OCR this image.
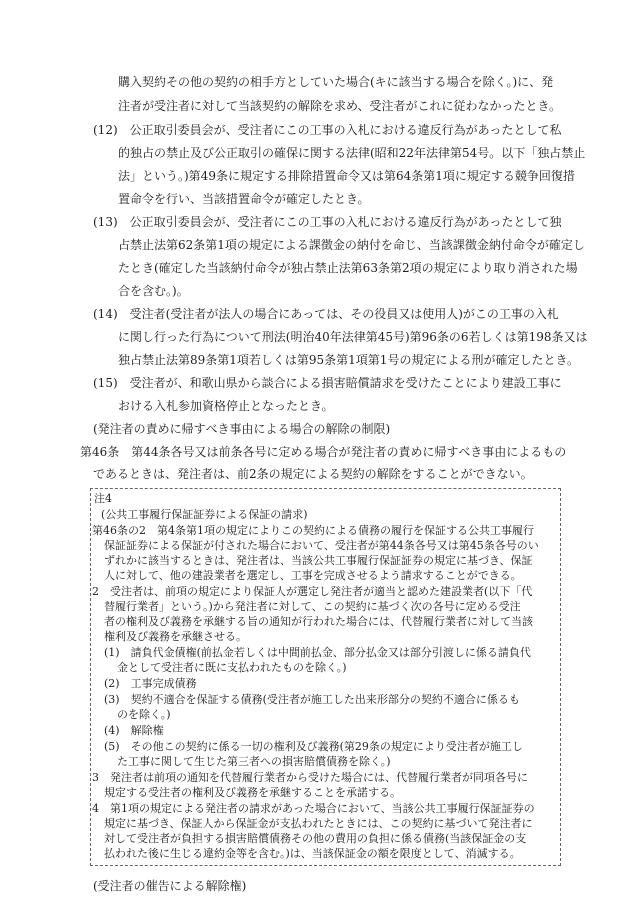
購入契約その他の契約の相手方としていた場合(キに該当する場合を除く。)に、発
注者が受注者に対して当該契約の解除を求め、受注者がこれに従わなかったとき。
(12)　公正取引委員会が、受注者にこの工事の入札における違反行為があったとして私
的独占の禁止及び公正取引の確保に関する法律(昭和22年法律第54号。以下「独占禁止
法」という。)第49条に規定する排除措置命令又は第64条第1項に規定する競争回復措
置命令を行い、当該措置命令が確定したとき。
(13)　公正取引委員会が、受注者にこの工事の入札における違反行為があったとして独
占禁止法第62条第1項の規定による課徴金の納付を命じ、当該課徴金納付命令が確定し
たとき(確定した当該納付命令が独占禁止法第63条第2項の規定により取り消された場
合を含む。)。
(14)　受注者(受注者が法人の場合にあっては、その役員又は使用人)がこの工事の入札
に関し行った行為について刑法(明治40年法律第45号)第96条の6若しくは第198条又は
独占禁止法第89条第1項若しくは第95条第1項第1号の規定による刑が確定したとき。
(15)　受注者が、和歌山県から談合による損害賠償請求を受けたことにより建設工事に
おける入札参加資格停止となったとき。
(発注者の責めに帰すべき事由による場合の解除の制限)
第46条　第44条各号又は前条各号に定める場合が発注者の責めに帰すべき事由によるもの
であるときは、発注者は、前2条の規定による契約の解除をすることができない。
注4
(公共工事履行保証証券による保証の請求)
第46条の2　第4条第1項の規定によりこの契約による債務の履行を保証する公共工事履行
保証証券による保証が付された場合において、受注者が第44条各号又は第45条各号のい
ずれかに該当するときは、発注者は、当該公共工事履行保証証券の規定に基づき、保証
人に対して、他の建設業者を選定し、工事を完成させるよう請求することができる。
2　受注者は、前項の規定により保証人が選定し発注者が適当と認めた建設業者(以下「代
替履行業者」という。)から発注者に対して、この契約に基づく次の各号に定める受注
者の権利及び義務を承継する旨の通知が行われた場合には、代替履行業者に対して当該
権利及び義務を承継させる。
(1)　請負代金債権(前払金若しくは中間前払金、部分払金又は部分引渡しに係る請負代
金として受注者に既に支払われたものを除く。)
(2)　工事完成債務
(3)　契約不適合を保証する債務(受注者が施工した出来形部分の契約不適合に係るも
のを除く。)
(4)　解除権
(5)　その他この契約に係る一切の権利及び義務(第29条の規定により受注者が施工し
た工事に関して生じた第三者への損害賠償債務を除く。)
3　発注者は前項の通知を代替履行業者から受けた場合には、代替履行業者が同項各号に
規定する受注者の権利及び義務を承継することを承諾する。
4　第1項の規定による発注者の請求があった場合において、当該公共工事履行保証証券の
規定に基づき、保証人から保証金が支払われたときには、この契約に基づいて発注者に
対して受注者が負担する損害賠償債務その他の費用の負担に係る債務(当該保証金の支
払われた後に生じる違約金等を含む。)は、当該保証金の額を限度として、消滅する。
(受注者の催告による解除権)
